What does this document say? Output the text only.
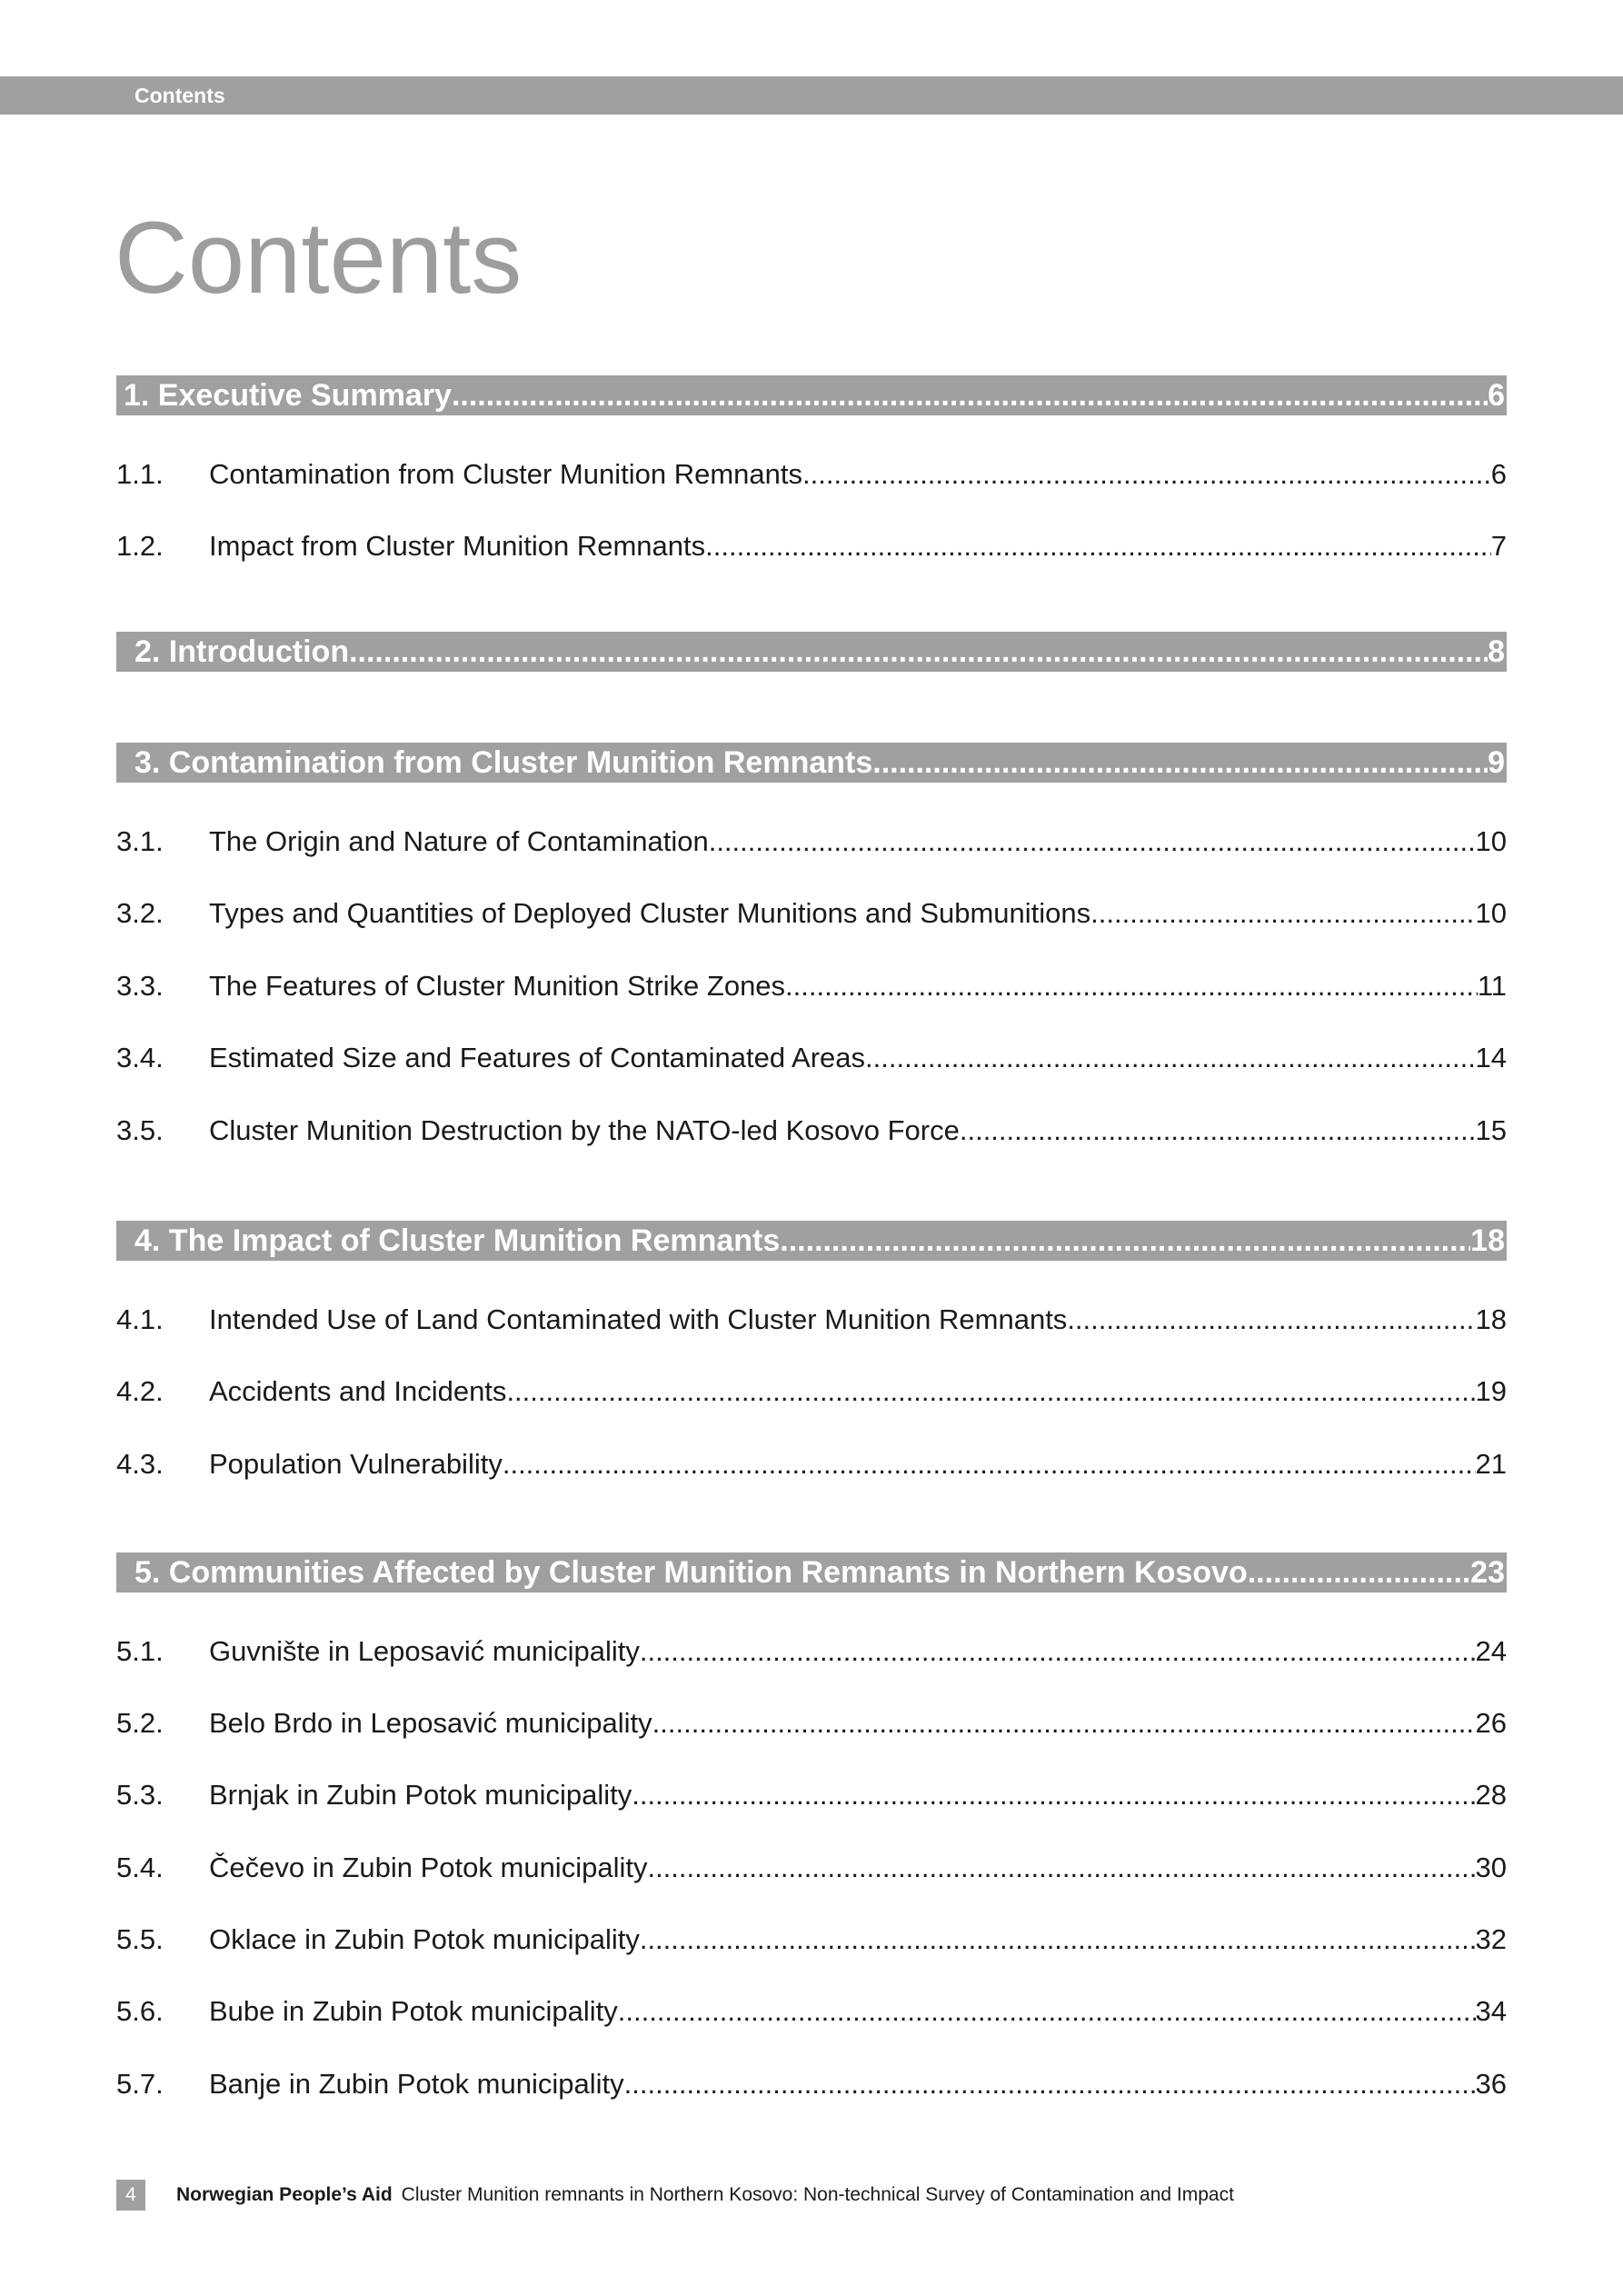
Contents
Contents
1. Executive Summary .....	6
1.1.	Contamination from Cluster Munition Remnants .....	6
1.2.	Impact from Cluster Munition Remnants .....	7
2. Introduction .....	8
3. Contamination from Cluster Munition Remnants .....	9
3.1.	The Origin and Nature of Contamination .....	10
3.2.	Types and Quantities of Deployed Cluster Munitions and Submunitions .....	10
3.3.	The Features of Cluster Munition Strike Zones .....	11
3.4.	Estimated Size and Features of Contaminated Areas .....	14
3.5.	Cluster Munition Destruction by the NATO-led Kosovo Force .....	15
4. The Impact of Cluster Munition Remnants .....	18
4.1.	Intended Use of Land Contaminated with Cluster Munition Remnants .....	18
4.2.	Accidents and Incidents .....	19
4.3.	Population Vulnerability .....	21
5. Communities Affected by Cluster Munition Remnants in Northern Kosovo .....	23
5.1.	Guvnište in Leposavić municipality .....	24
5.2.	Belo Brdo in Leposavić municipality .....	26
5.3.	Brnjak in Zubin Potok municipality .....	28
5.4.	Čečevo in Zubin Potok municipality .....	30
5.5.	Oklace in Zubin Potok municipality .....	32
5.6.	Bube in Zubin Potok municipality .....	34
5.7.	Banje in Zubin Potok municipality .....	36
4	Norwegian People’s Aid Cluster Munition remnants in Northern Kosovo: Non-technical Survey of Contamination and Impact
